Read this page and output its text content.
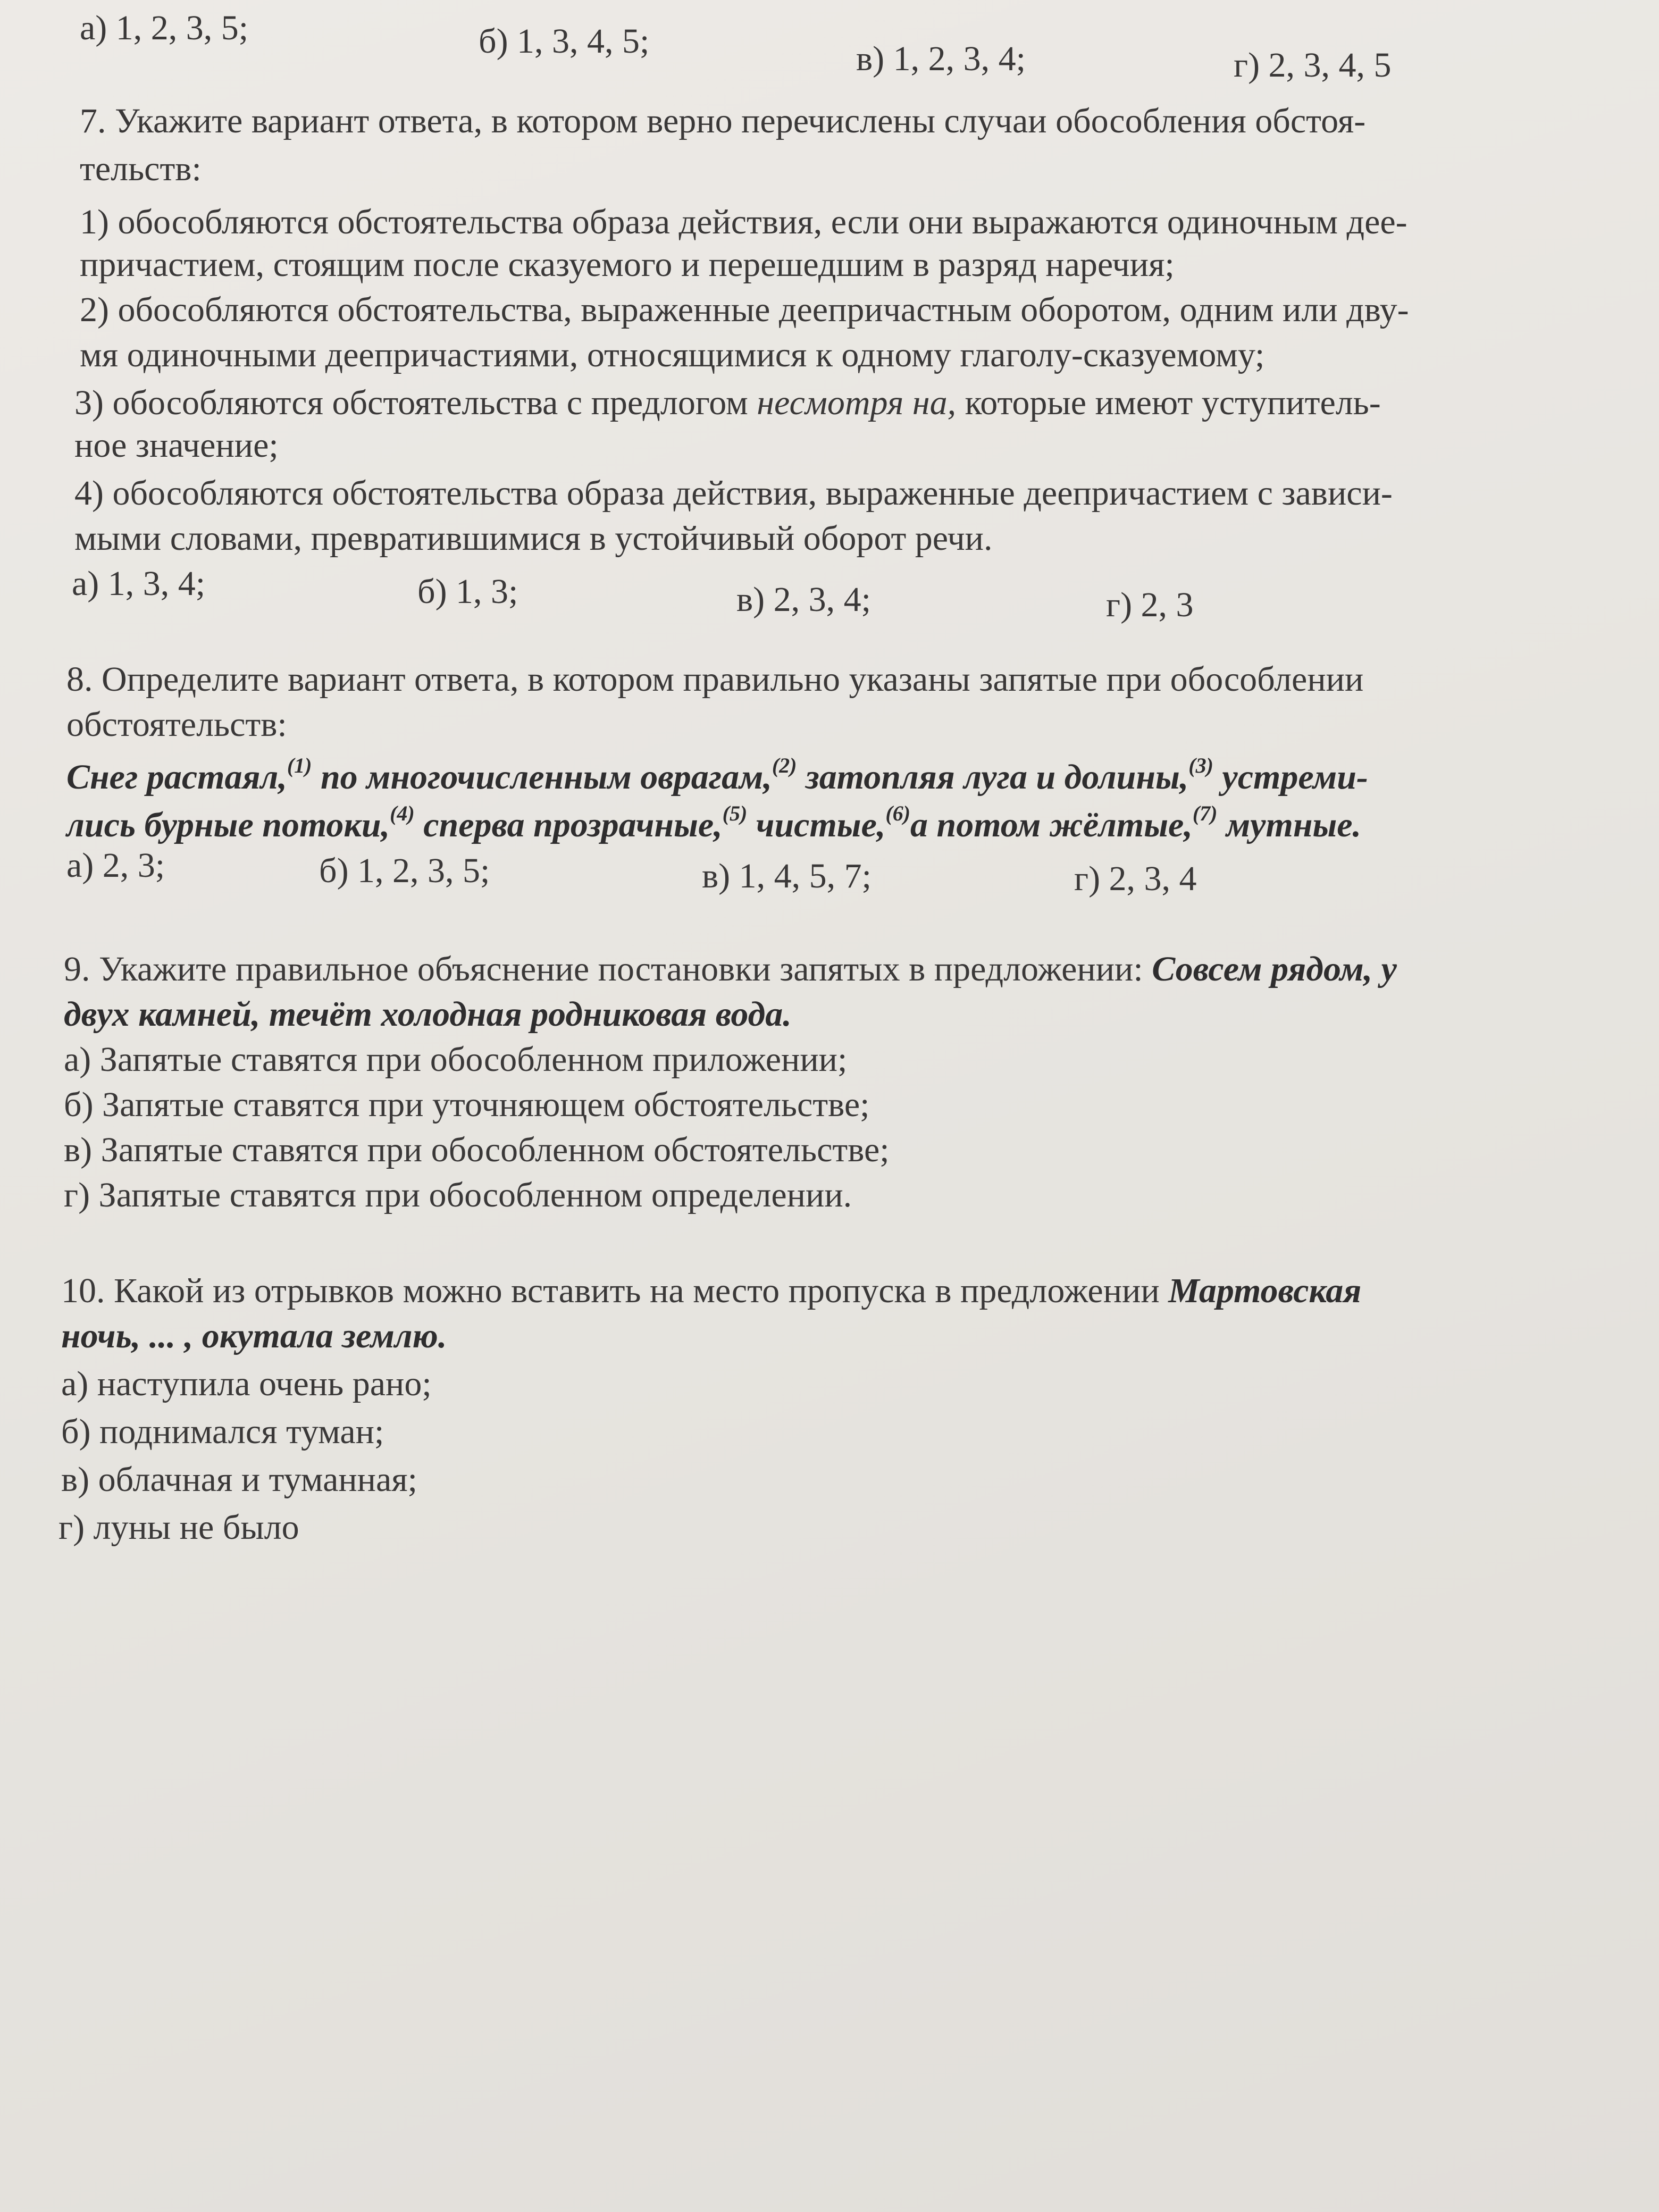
а) 1, 2, 3, 5;	б) 1, 3, 4, 5;	в) 1, 2, 3, 4;	г) 2, 3, 4, 5
7. Укажите вариант ответа, в котором верно перечислены случаи обособления обстоя-
тельств:
1) обособляются обстоятельства образа действия, если они выражаются одиночным дее-
причастием, стоящим после сказуемого и перешедшим в разряд наречия;
2) обособляются обстоятельства, выраженные деепричастным оборотом, одним или дву-
мя одиночными деепричастиями, относящимися к одному глаголу-сказуемому;
3) обособляются обстоятельства с предлогом несмотря на, которые имеют уступитель-
ное значение;
4) обособляются обстоятельства образа действия, выраженные деепричастием с зависи-
мыми словами, превратившимися в устойчивый оборот речи.
а) 1, 3, 4;	б) 1, 3;	в) 2, 3, 4;	г) 2, 3
8. Определите вариант ответа, в котором правильно указаны запятые при обособлении
обстоятельств:
Снег растаял,$^{(1)}$ по многочисленным оврагам,$^{(2)}$ затопляя луга и долины,$^{(3)}$ устреми-
лись бурные потоки,$^{(4)}$ сперва прозрачные,$^{(5)}$ чистые,$^{(6)}$а потом жёлтые,$^{(7)}$ мутные.
а) 2, 3;	б) 1, 2, 3, 5;	в) 1, 4, 5, 7;	г) 2, 3, 4
9. Укажите правильное объяснение постановки запятых в предложении: Совсем рядом, у
двух камней, течёт холодная родниковая вода.
а) Запятые ставятся при обособленном приложении;
б) Запятые ставятся при уточняющем обстоятельстве;
в) Запятые ставятся при обособленном обстоятельстве;
г) Запятые ставятся при обособленном определении.
10. Какой из отрывков можно вставить на место пропуска в предложении Мартовская
ночь, ... , окутала землю.
а) наступила очень рано;
б) поднимался туман;
в) облачная и туманная;
г) луны не было
